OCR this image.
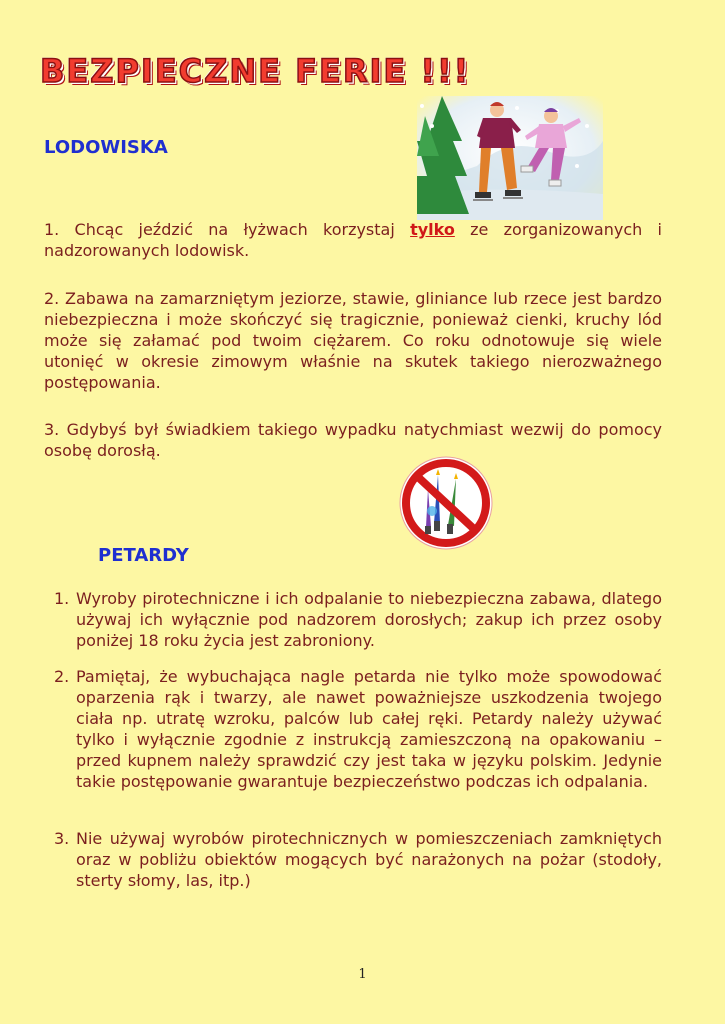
BEZPIECZNE FERIE !!!
LODOWISKA

1. Chcąc jeździć na łyżwach korzystaj tylko ze zorganizowanych i nadzorowanych lodowisk.

2. Zabawa na zamarzniętym jeziorze, stawie, gliniance lub rzece jest bardzo niebezpieczna i może skończyć się tragicznie, ponieważ cienki, kruchy lód może się załamać pod twoim ciężarem. Co roku odnotowuje się wiele utonięć w okresie zimowym właśnie na skutek takiego nierozważnego postępowania.

3. Gdybyś był świadkiem takiego wypadku natychmiast wezwij do pomocy osobę dorosłą.

PETARDY
1. Wyroby pirotechniczne i ich odpalanie to niebezpieczna zabawa, dlatego używaj ich wyłącznie pod nadzorem dorosłych; zakup ich przez osoby poniżej 18 roku życia jest zabroniony.
2. Pamiętaj, że wybuchająca nagle petarda nie tylko może spowodować oparzenia rąk i twarzy, ale nawet poważniejsze uszkodzenia twojego ciała np. utratę wzroku, palców lub całej ręki. Petardy należy używać tylko i wyłącznie zgodnie z instrukcją zamieszczoną na opakowaniu – przed kupnem należy sprawdzić czy jest taka w języku polskim. Jedynie takie postępowanie gwarantuje bezpieczeństwo podczas ich odpalania.
3. Nie używaj wyrobów pirotechnicznych w pomieszczeniach zamkniętych oraz w pobliżu obiektów mogących być narażonych na pożar (stodoły, sterty słomy, las, itp.)
1
